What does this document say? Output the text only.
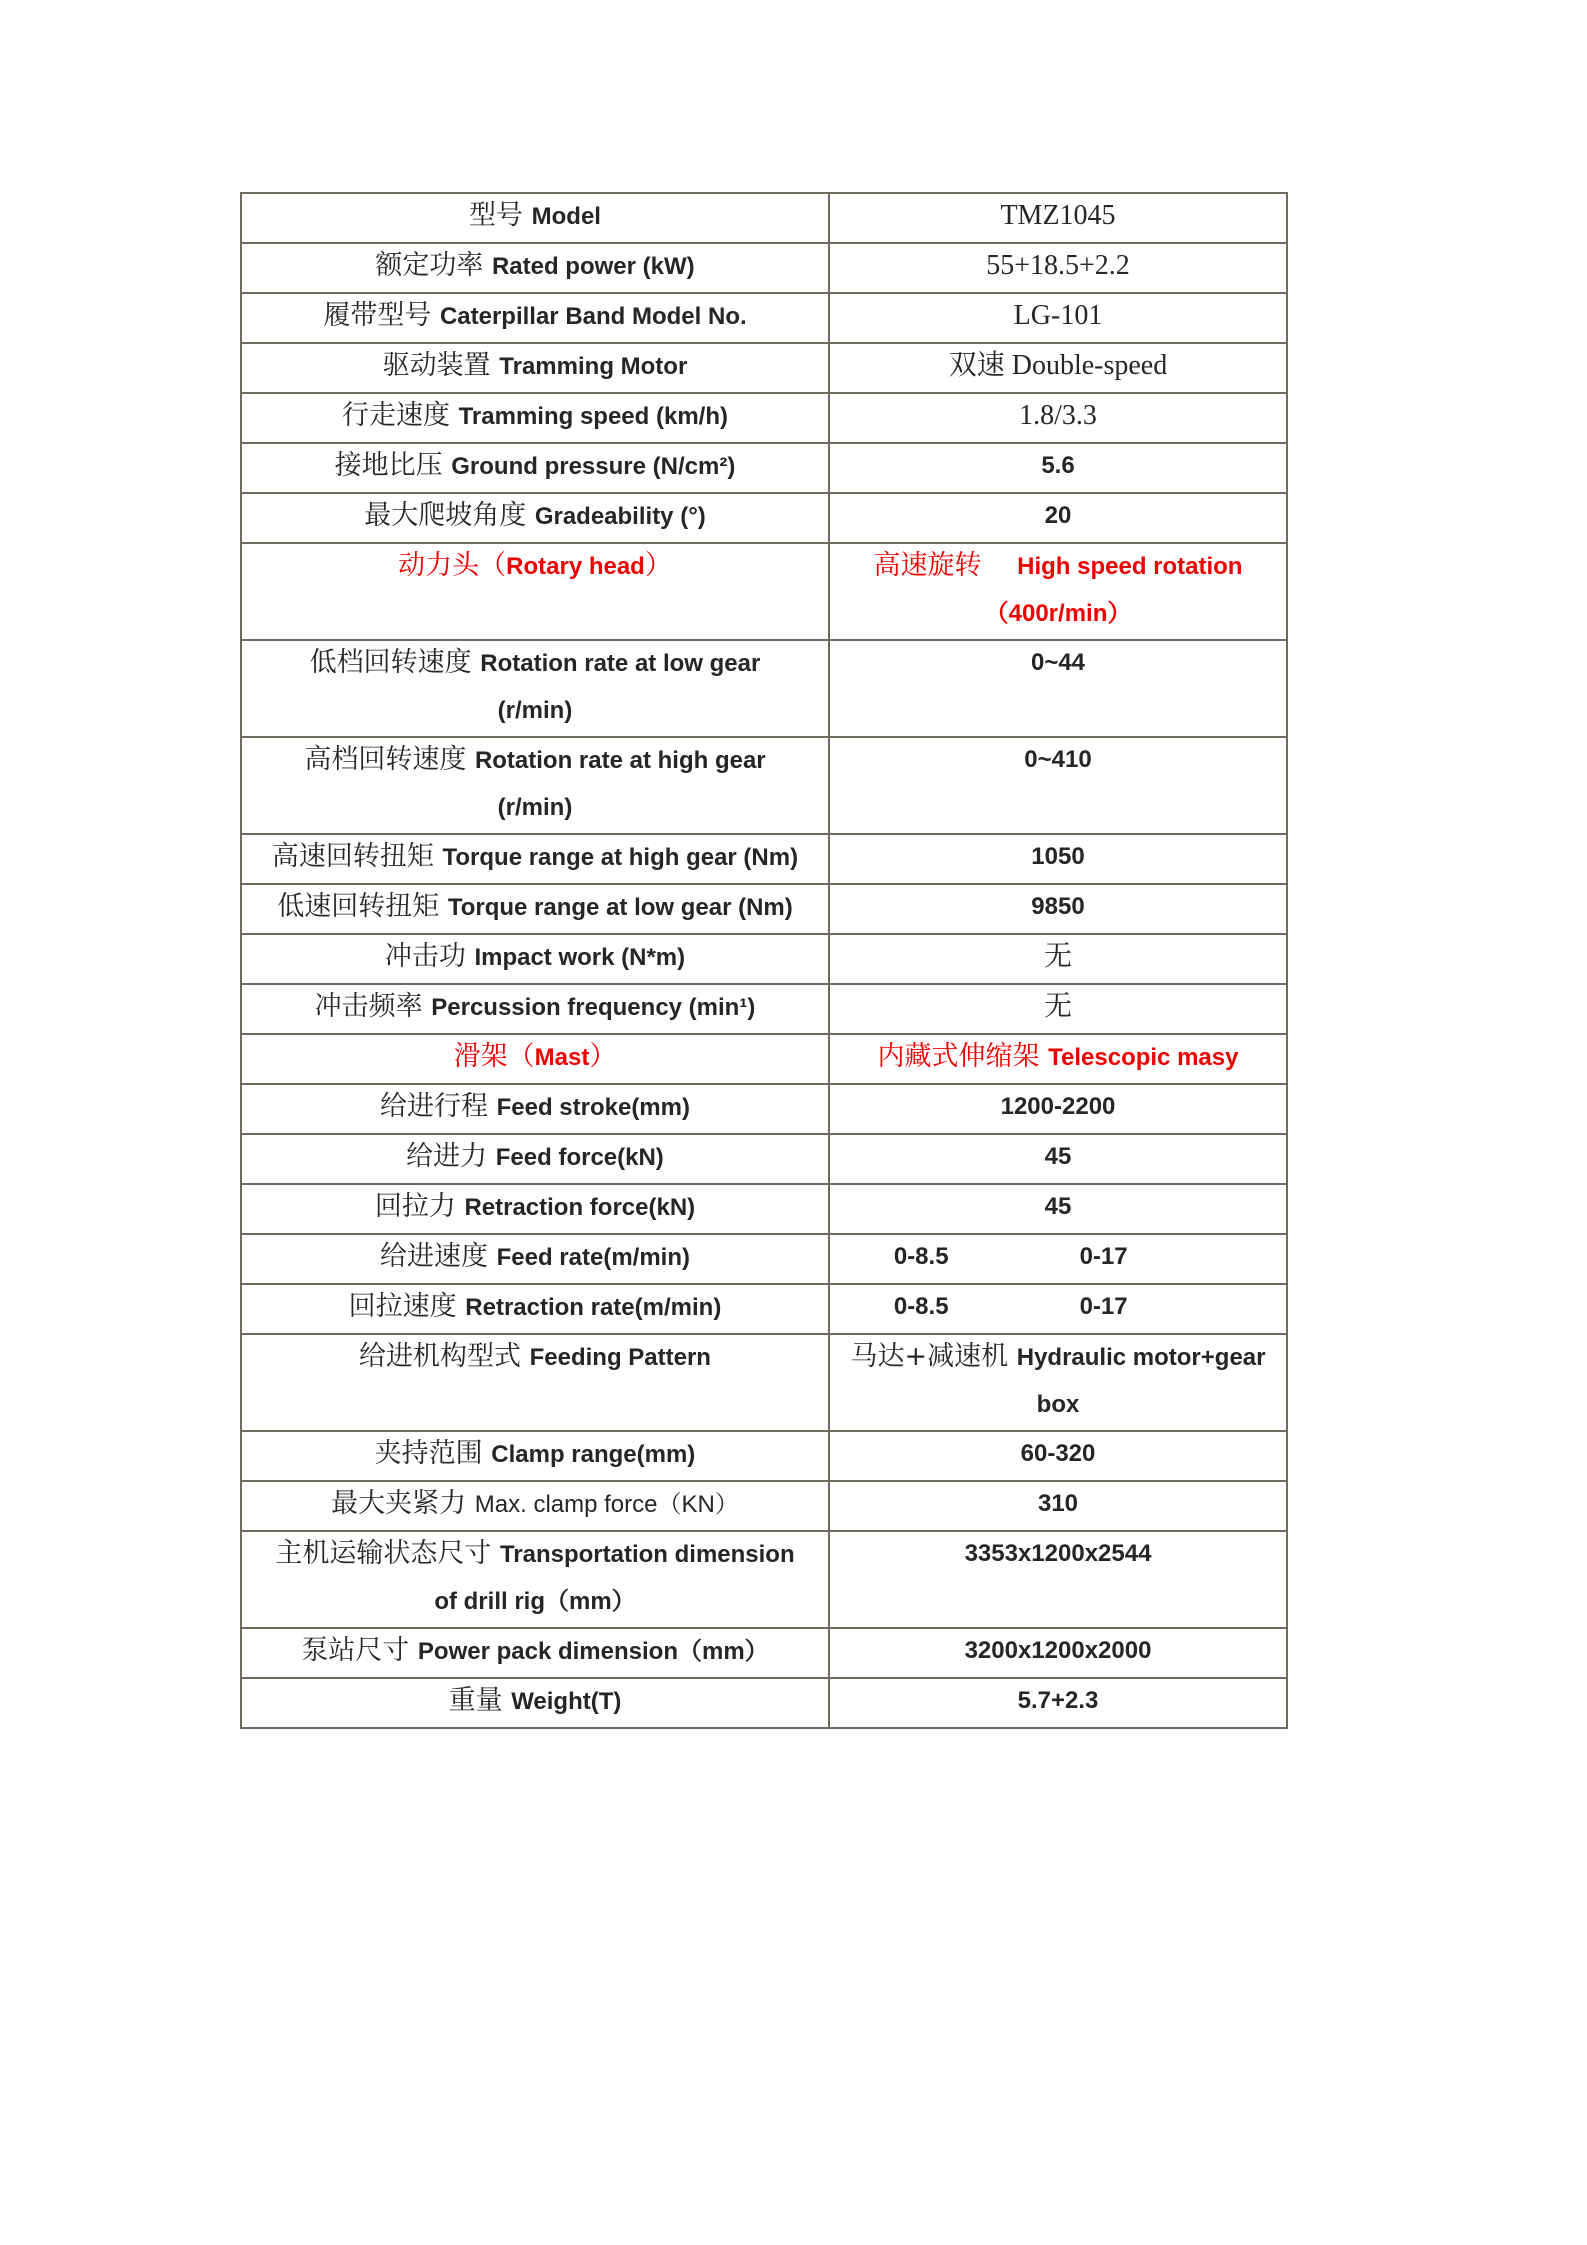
型号 Model	TMZ1045

额定功率 Rated power (kW)	55+18.5+2.2

履带型号 Caterpillar Band Model No.	LG-101

驱动装置 Tramming Motor	双速 Double-speed

行走速度 Tramming speed (km/h)	1.8/3.3

接地比压 Ground pressure (N/cm²)	5.6

最大爬坡角度 Gradeability (°)	20

动力头（Rotary head）	高速旋转　 High speed rotation
（400r/min）

低档回转速度 Rotation rate at low gear
(r/min)	0~44

高档回转速度 Rotation rate at high gear
(r/min)	0~410

高速回转扭矩 Torque range at high gear (Nm)	1050

低速回转扭矩 Torque range at low gear (Nm)	9850

冲击功 Impact work (N*m)	无

冲击频率 Percussion frequency (min¹)	无

滑架（Mast）	内藏式伸缩架 Telescopic masy

给进行程 Feed stroke(mm)	1200-2200

给进力 Feed force(kN)	45

回拉力 Retraction force(kN)	45

给进速度 Feed rate(m/min)	0-8.5 0-17

回拉速度 Retraction rate(m/min)	0-8.5 0-17

给进机构型式 Feeding Pattern	马达+减速机 Hydraulic motor+gear
box

夹持范围 Clamp range(mm)	60-320

最大夹紧力 Max. clamp force（KN）	310

主机运输状态尺寸 Transportation dimension
of drill rig（mm）	3353x1200x2544

泵站尺寸 Power pack dimension（mm）	3200x1200x2000

重量 Weight(T)	5.7+2.3
